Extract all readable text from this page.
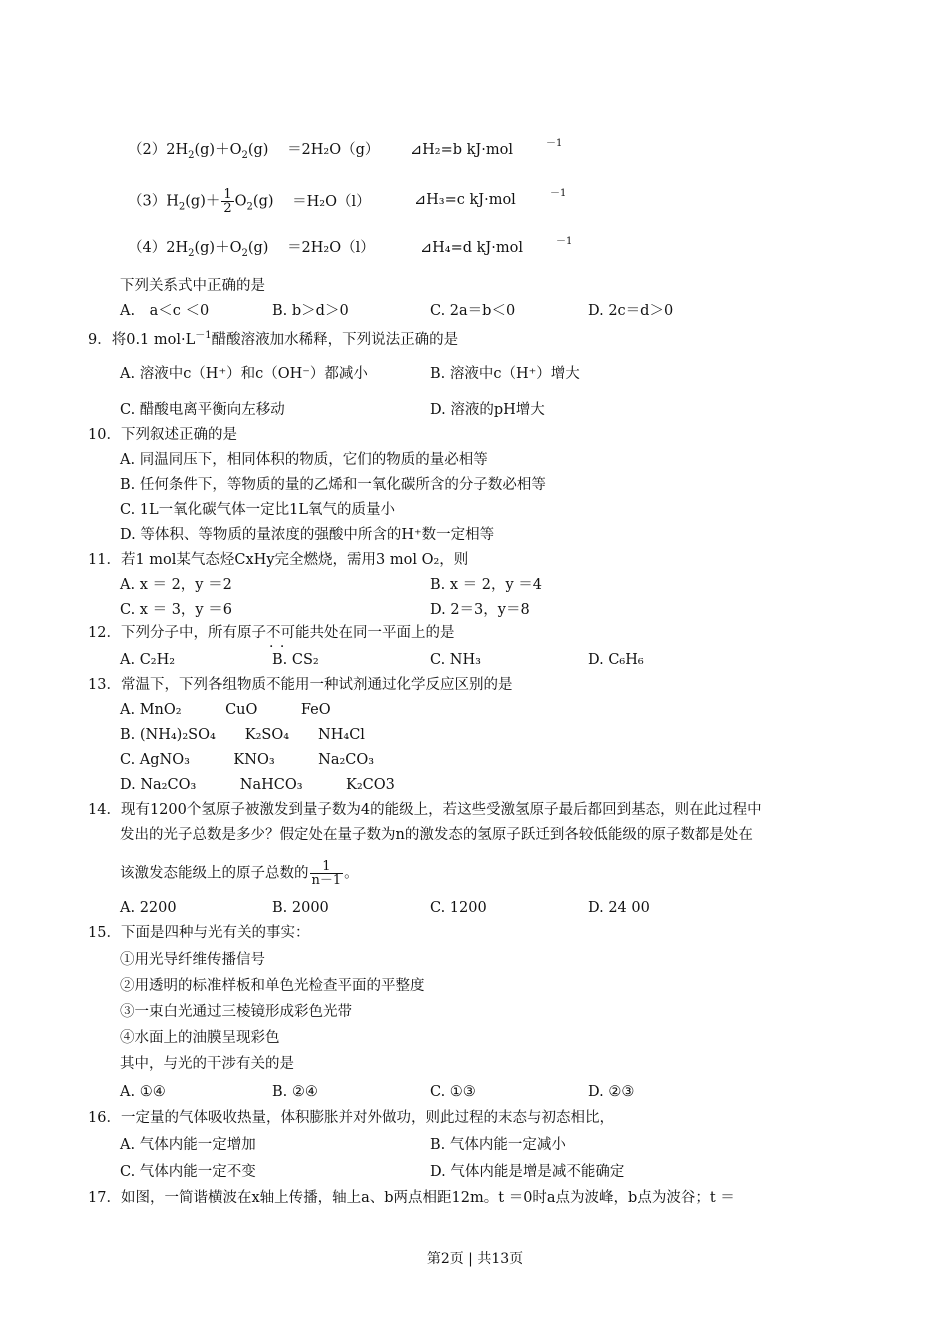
$(2)2H_2(g)+O_2(g) =2H_2O(g)$ ⊿H₂=b kJ·mol	－1
$(3)H_2(g)+ \frac{1}{2} O_2(g) =H_2O(l)$	⊿H₃=c kJ·mol	－1
$(4)2H_2(g)+O_2(g) =2H_2O(l)$	⊿H₄=d kJ·mol	－1
下列关系式中正确的是
A.　a＜c ＜0	B. b＞d＞0	C. 2a＝b＜0	D. 2c＝d＞0
9．将0.1 $mol\cdot L^{-1}$醋酸溶液加水稀释，下列说法正确的是
A. 溶液中c（H⁺）和c（OH⁻）都减小	B. 溶液中c（H⁺）增大
C. 醋酸电离平衡向左移动	D. 溶液的pH增大
10．下列叙述正确的是
A. 同温同压下，相同体积的物质，它们的物质的量必相等
B. 任何条件下，等物质的量的乙烯和一氧化碳所含的分子数必相等
C. 1L一氧化碳气体一定比1L氧气的质量小
D. 等体积、等物质的量浓度的强酸中所含的H⁺数一定相等
11．若1 mol某气态烃CxHy完全燃烧，需用3 mol O₂，则
A. x ＝ 2，y ＝2	B. x ＝ 2，y ＝4
C. x ＝ 3，y ＝6	D. 2＝3，y＝8
12．下列分子中，所有原子不可能 · ·共处在同一平面上的是
A. C₂H₂	B. CS₂	C. NH₃	D. C₆H₆
13．常温下，下列各组物质不能用一种试剂通过化学反应区别的是
A. MnO₂　　　CuO　　　FeO
B. (NH₄)₂SO₄　　K₂SO₄　　NH₄Cl
C. AgNO₃　　　KNO₃　　　Na₂CO₃
D. Na₂CO₃　　　NaHCO₃　　　K₂CO3
14．现有1200个氢原子被激发到量子数为4的能级上，若这些受激氢原子最后都回到基态，则在此过程中
发出的光子总数是多少？假定处在量子数为n的激发态的氢原子跃迁到各较低能级的原子数都是处在
该激发态能级上的原子总数的 $\frac{1}{n-1}$ 。
A. 2200	B. 2000	C. 1200	D. 24 00
15．下面是四种与光有关的事实：
①用光导纤维传播信号
②用透明的标准样板和单色光检查平面的平整度
③一束白光通过三棱镜形成彩色光带
④水面上的油膜呈现彩色
其中，与光的干涉有关的是
A. ①④	B. ②④	C. ①③	D. ②③
16．一定量的气体吸收热量，体积膨胀并对外做功，则此过程的末态与初态相比，
A. 气体内能一定增加	B. 气体内能一定减小
C. 气体内能一定不变	D. 气体内能是增是减不能确定
17．如图，一简谐横波在x轴上传播，轴上a、b两点相距12m。t ＝0时a点为波峰，b点为波谷；t ＝
第2页 | 共13页
